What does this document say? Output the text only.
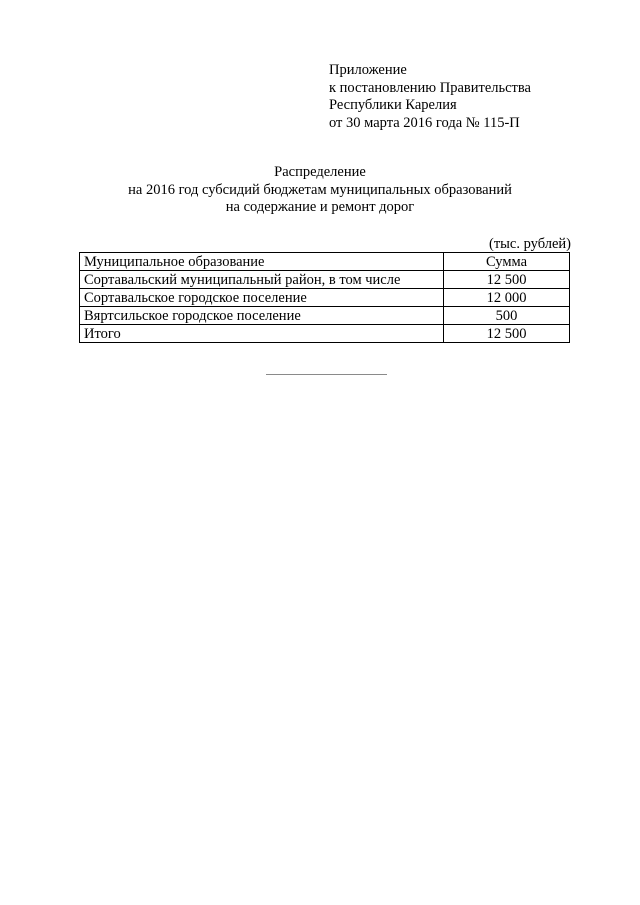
Приложение
к постановлению Правительства
Республики Карелия
от 30 марта 2016 года № 115-П
Распределение
на 2016 год субсидий бюджетам муниципальных образований
на содержание и ремонт дорог
(тыс. рублей)
Муниципальное образование	Сумма
Сортавальский муниципальный район, в том числе	12 500
Сортавальское городское поселение	12 000
Вяртсильское городское поселение	500
Итого	12 500
